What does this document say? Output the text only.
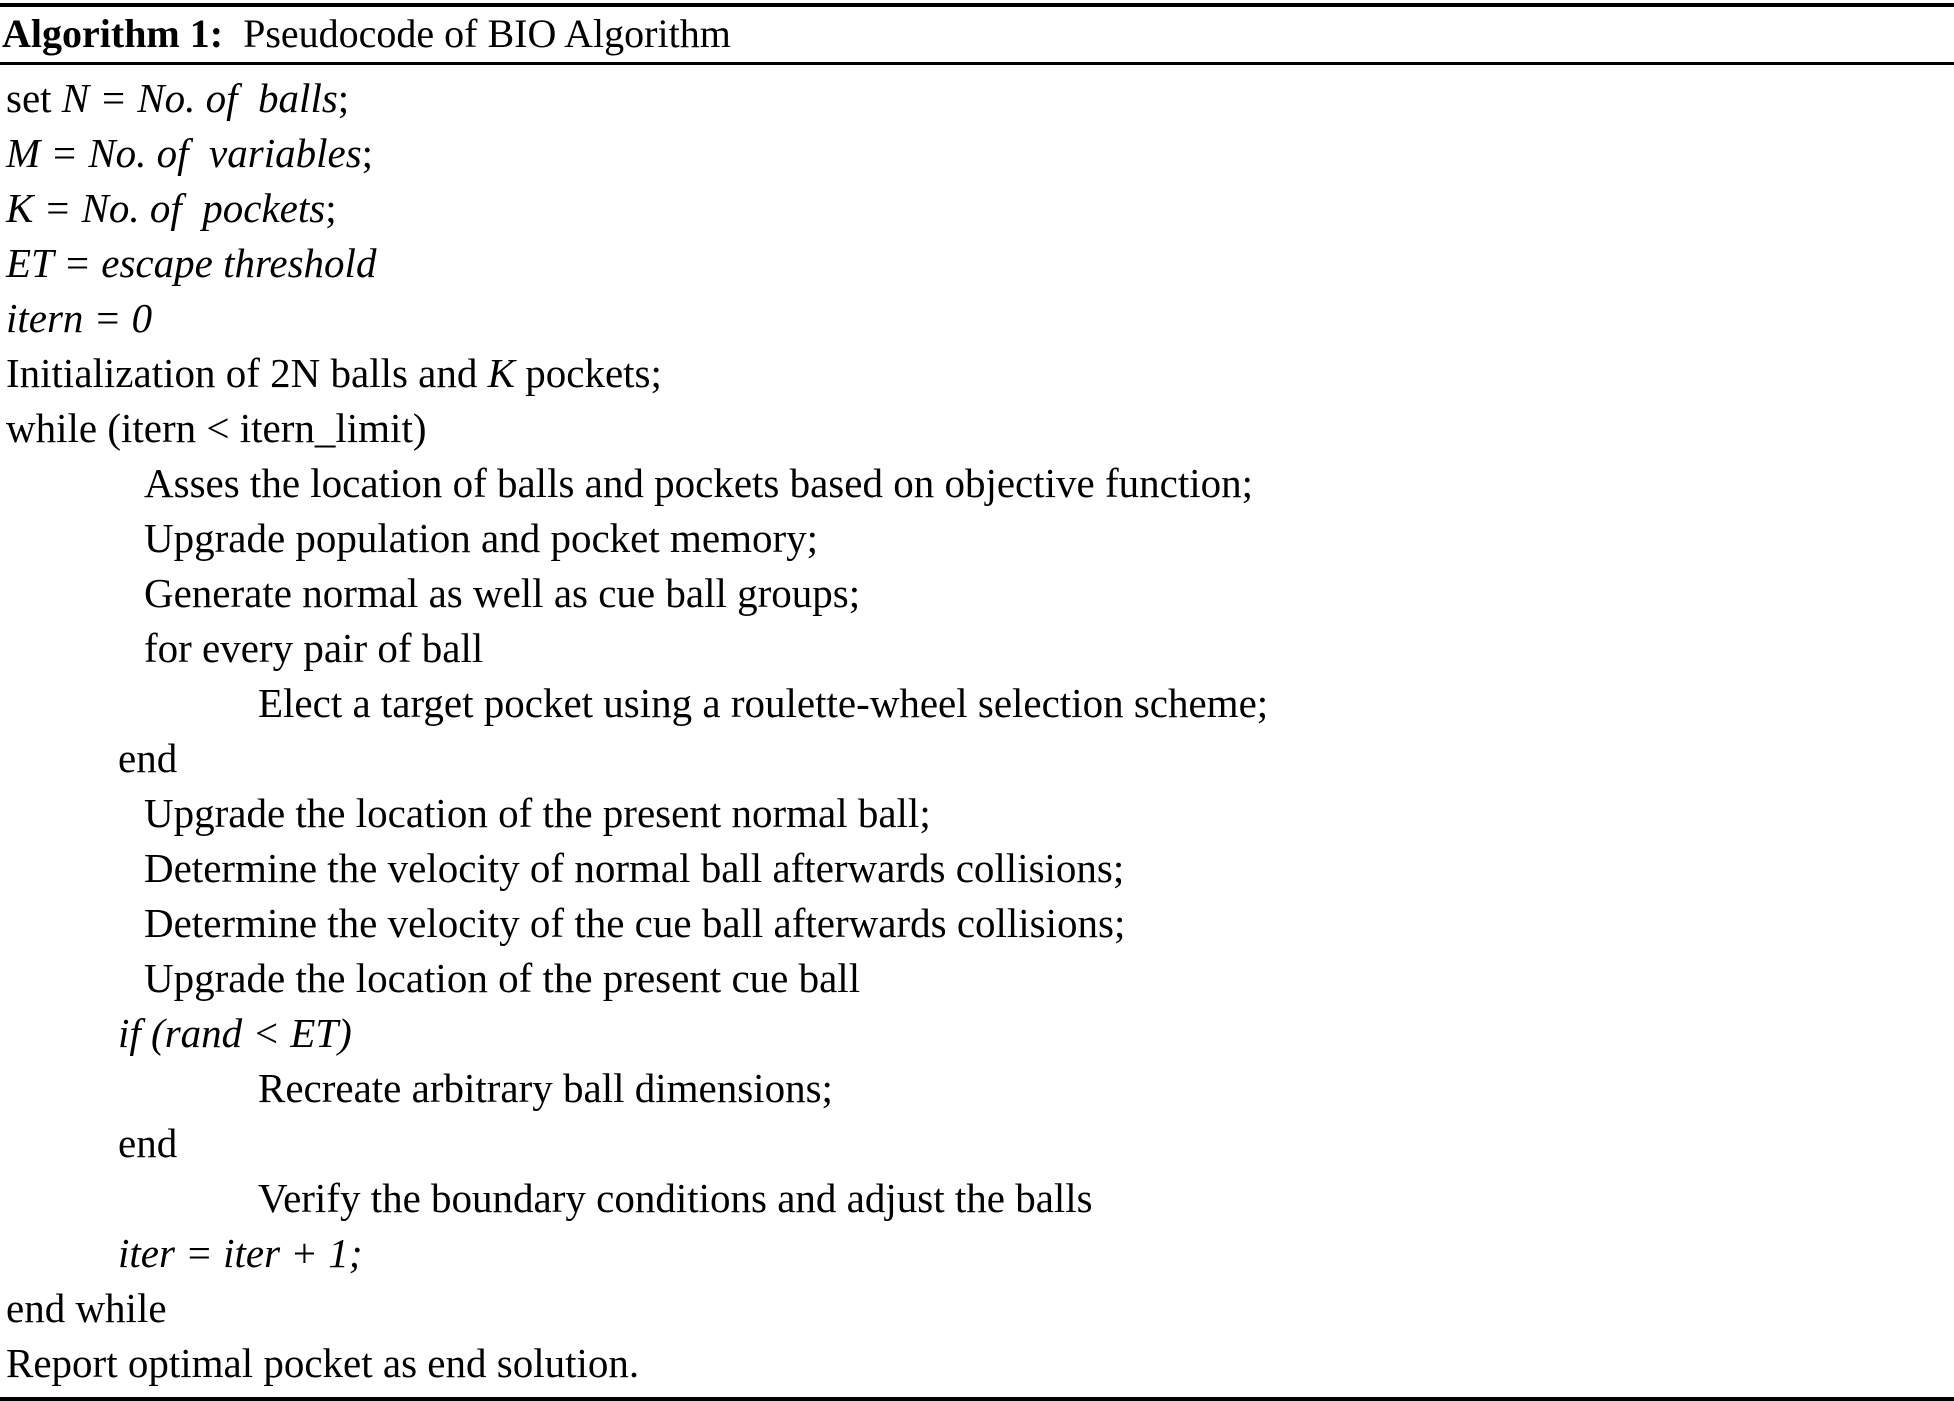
Algorithm 1: Pseudocode of BIO Algorithm
set N = No. of  balls;
M = No. of  variables;
K = No. of  pockets;
ET = escape threshold
itern = 0
Initialization of 2N balls and K pockets;
while (itern < itern_limit)
Asses the location of balls and pockets based on objective function;
Upgrade population and pocket memory;
Generate normal as well as cue ball groups;
for every pair of ball
Elect a target pocket using a roulette-wheel selection scheme;
end
Upgrade the location of the present normal ball;
Determine the velocity of normal ball afterwards collisions;
Determine the velocity of the cue ball afterwards collisions;
Upgrade the location of the present cue ball
if (rand < ET)
Recreate arbitrary ball dimensions;
end
Verify the boundary conditions and adjust the balls
iter = iter + 1;
end while
Report optimal pocket as end solution.
